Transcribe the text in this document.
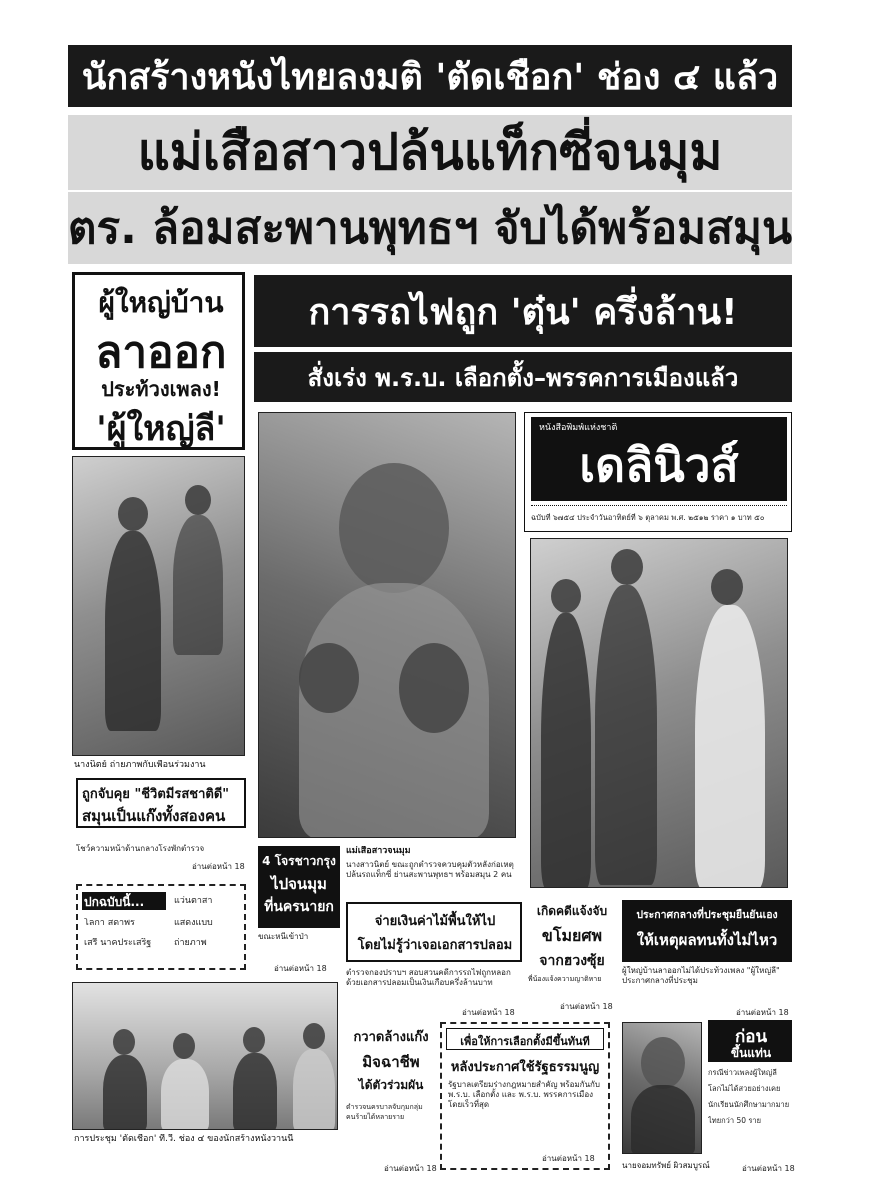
นักสร้างหนังไทยลงมติ 'ตัดเชือก' ช่อง ๔ แล้ว
แม่เสือสาวปล้นแท็กซี่จนมุม
ตร. ล้อมสะพานพุทธฯ จับได้พร้อมสมุน
ผู้ใหญ่บ้าน
ลาออก
ประท้วงเพลง!
'ผู้ใหญ่ลี'
การรถไฟถูก 'ตุ๋น' ครึ่งล้าน!
สั่งเร่ง พ.ร.บ. เลือกตั้ง–พรรคการเมืองแล้ว
นางนิตย์ ถ่ายภาพกับเพื่อนร่วมงาน
หนังสือพิมพ์แห่งชาติ
เดลินิวส์
ฉบับที่ ๖๗๕๔ ประจำวันอาทิตย์ที่ ๖ ตุลาคม พ.ศ. ๒๕๑๒ ราคา ๑ บาท ๕๐
ถูกจับคุย "ชีวิตมีรสชาติดี"
สมุนเป็นแก๊งทั้งสองคน
โชว์ความหน้าด้านกลางโรงพักตำรวจ
อ่านต่อหน้า 18 4 โจรชาวกรุง
ไปจนมุม
ที่นครนายก
ขณะหนีเข้าป่า
อ่านต่อหน้า 18
แม่เสือสาวจนมุม
นางสาวนิตย์ ขณะถูกตำรวจควบคุมตัวหลังก่อเหตุปล้นรถแท็กซี่ ย่านสะพานพุทธฯ พร้อมสมุน 2 คน
ปกฉบับนี้...	แว่นตาสา
โลกา สดาพร	แสดงแบบ
เสรี นาคประเสริฐ	ถ่ายภาพ
จ่ายเงินค่าไม้พื้นให้ไป
โดยไม่รู้ว่าเจอเอกสารปลอม
ตำรวจกองปราบฯ สอบสวนคดีการรถไฟถูกหลอกด้วยเอกสารปลอมเป็นเงินเกือบครึ่งล้านบาท
อ่านต่อหน้า 18
เกิดคดีแจ้งจับ
ขโมยศพ
จากฮวงซุ้ย
พี่น้องแจ้งความญาติหาย
อ่านต่อหน้า 18
ประกาศกลางที่ประชุมยืนยันเอง
ให้เหตุผลทนทั้งไม่ไหว
ผู้ใหญ่บ้านลาออกไม่ได้ประท้วงเพลง "ผู้ใหญ่ลี" ประกาศกลางที่ประชุม
อ่านต่อหน้า 18
การประชุม 'ตัดเชือก' ที.วี. ช่อง ๔ ของนักสร้างหนังวานนี้
กวาดล้างแก๊ง
มิจฉาชีพ
ได้ตัวร่วมผัน
ตำรวจนครบาลจับกุมกลุ่มคนร้ายได้หลายราย
อ่านต่อหน้า 18
เพื่อให้การเลือกตั้งมีขึ้นทันที
หลังประกาศใช้รัฐธรรมนูญ
รัฐบาลเตรียมร่างกฎหมายสำคัญ พร้อมกันกับ พ.ร.บ. เลือกตั้ง และ พ.ร.บ. พรรคการเมือง โดยเร็วที่สุด
อ่านต่อหน้า 18
ก่อน
ขึ้นแท่น
กรณีข่าวเพลงผู้ใหญ่ลี
โลกไม่ได้สวยอย่างเคย
นักเรียนนักศึกษามากมาย
ไทยกว่า 50 ราย
นายจอมทรัพย์ ผิวสมบูรณ์	อ่านต่อหน้า 18
